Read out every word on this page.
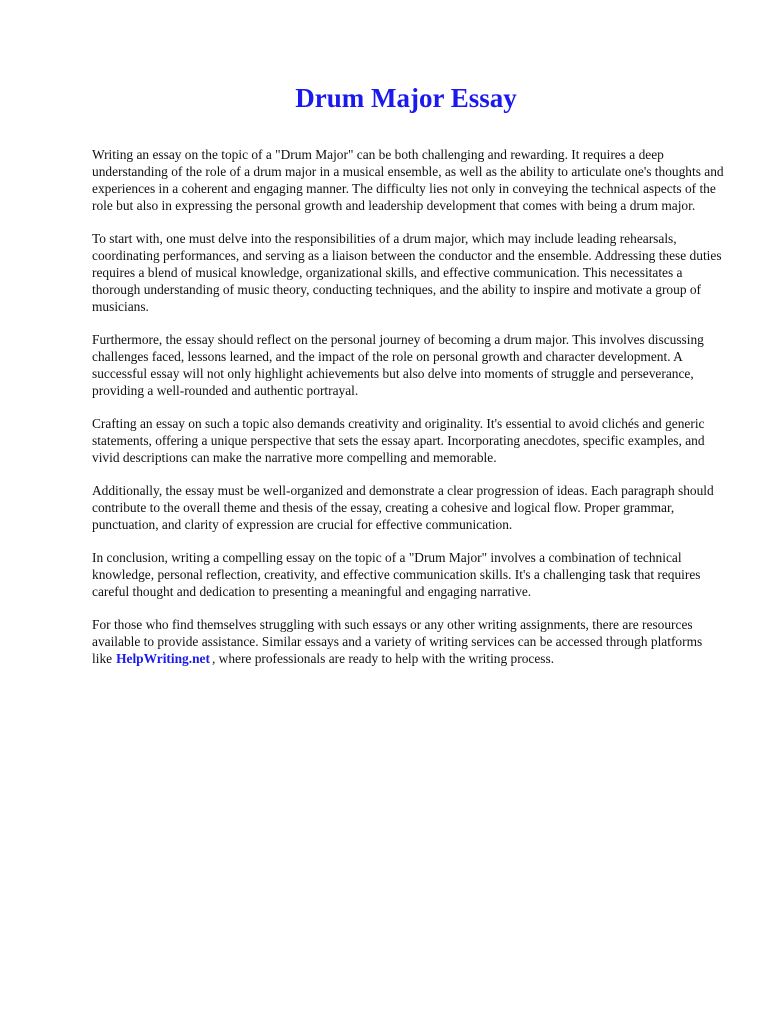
Drum Major Essay

Writing an essay on the topic of a "Drum Major" can be both challenging and rewarding. It requires a deep understanding of the role of a drum major in a musical ensemble, as well as the ability to articulate one's thoughts and experiences in a coherent and engaging manner. The difficulty lies not only in conveying the technical aspects of the role but also in expressing the personal growth and leadership development that comes with being a drum major.

To start with, one must delve into the responsibilities of a drum major, which may include leading rehearsals, coordinating performances, and serving as a liaison between the conductor and the ensemble. Addressing these duties requires a blend of musical knowledge, organizational skills, and effective communication. This necessitates a thorough understanding of music theory, conducting techniques, and the ability to inspire and motivate a group of musicians.

Furthermore, the essay should reflect on the personal journey of becoming a drum major. This involves discussing challenges faced, lessons learned, and the impact of the role on personal growth and character development. A successful essay will not only highlight achievements but also delve into moments of struggle and perseverance, providing a well-rounded and authentic portrayal.

Crafting an essay on such a topic also demands creativity and originality. It's essential to avoid clichés and generic statements, offering a unique perspective that sets the essay apart. Incorporating anecdotes, specific examples, and vivid descriptions can make the narrative more compelling and memorable.

Additionally, the essay must be well-organized and demonstrate a clear progression of ideas. Each paragraph should contribute to the overall theme and thesis of the essay, creating a cohesive and logical flow. Proper grammar, punctuation, and clarity of expression are crucial for effective communication.

In conclusion, writing a compelling essay on the topic of a "Drum Major" involves a combination of technical knowledge, personal reflection, creativity, and effective communication skills. It's a challenging task that requires careful thought and dedication to presenting a meaningful and engaging narrative.

For those who find themselves struggling with such essays or any other writing assignments, there are resources available to provide assistance. Similar essays and a variety of writing services can be accessed through platforms like HelpWriting.net , where professionals are ready to help with the writing process.
